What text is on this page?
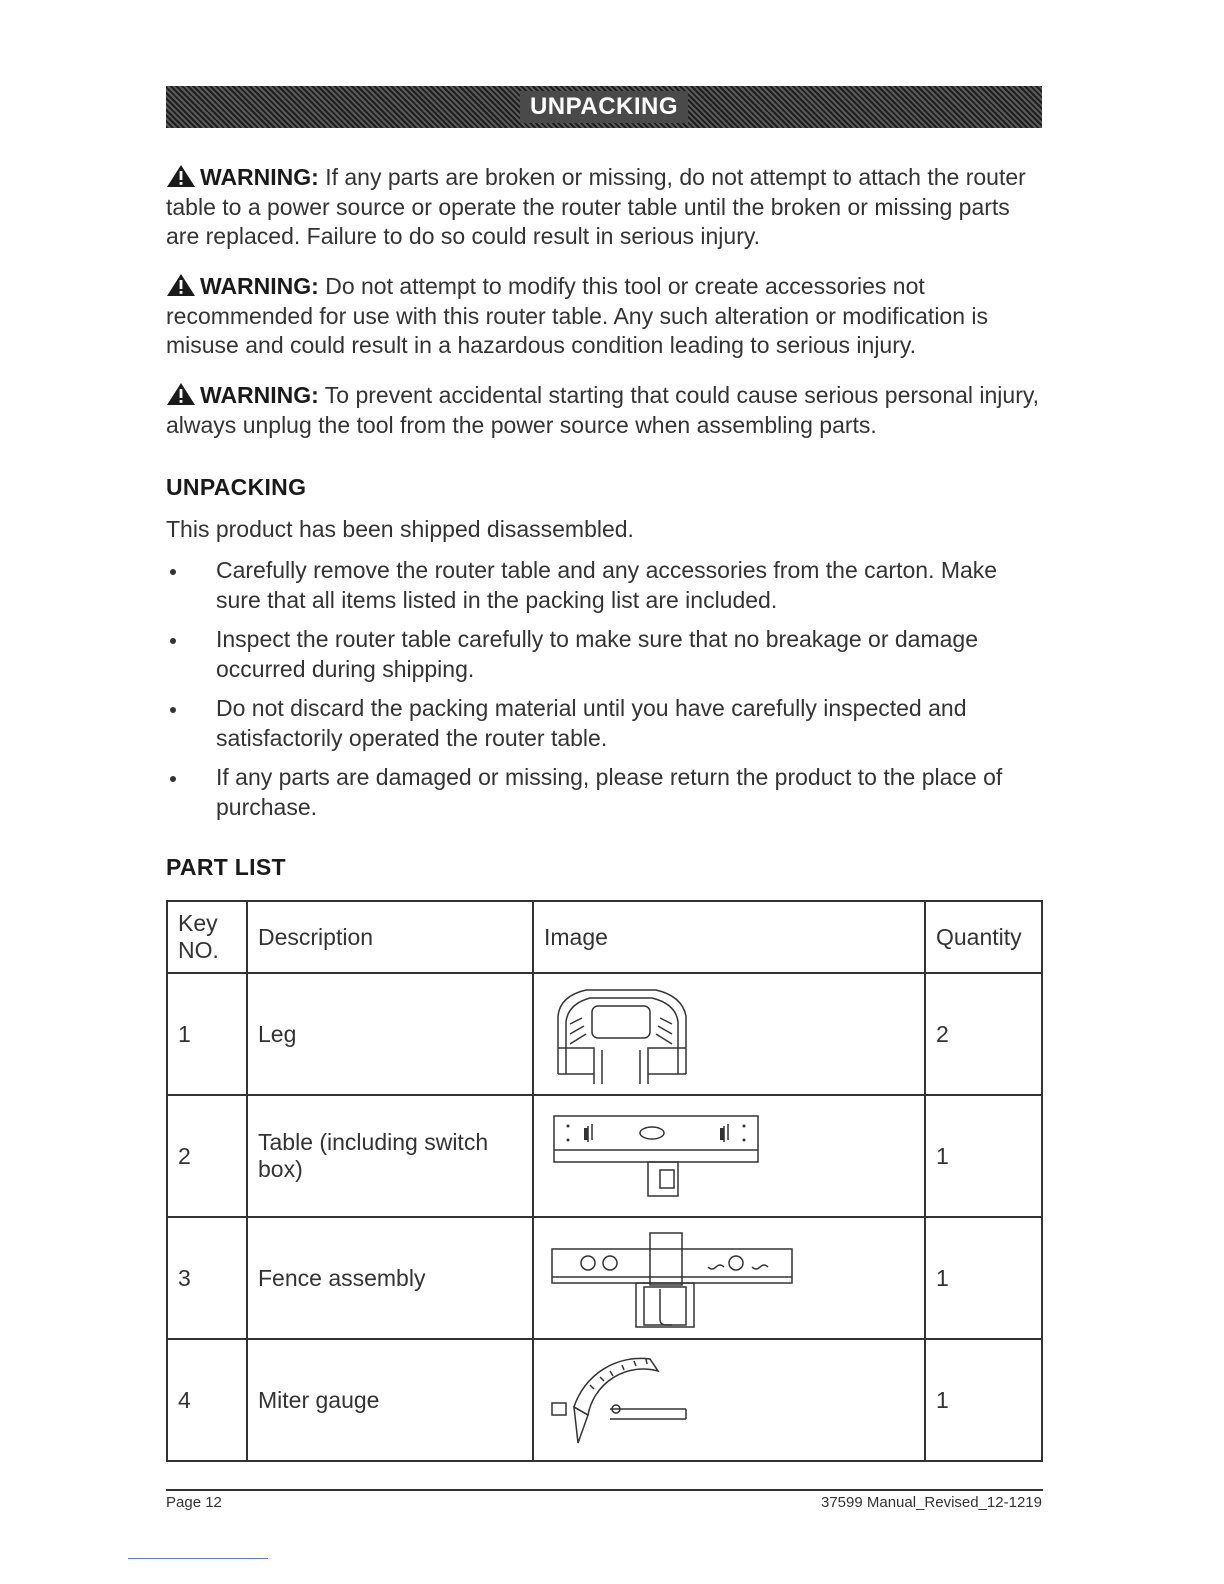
UNPACKING
WARNING: If any parts are broken or missing, do not attempt to attach the router table to a power source or operate the router table until the broken or missing parts are replaced. Failure to do so could result in serious injury.
WARNING: Do not attempt to modify this tool or create accessories not recommended for use with this router table. Any such alteration or modification is misuse and could result in a hazardous condition leading to serious injury.
WARNING: To prevent accidental starting that could cause serious personal injury, always unplug the tool from the power source when assembling parts.
UNPACKING
This product has been shipped disassembled.
Carefully remove the router table and any accessories from the carton. Make sure that all items listed in the packing list are included.
Inspect the router table carefully to make sure that no breakage or damage occurred during shipping.
Do not discard the packing material until you have carefully inspected and satisfactorily operated the router table.
If any parts are damaged or missing, please return the product to the place of purchase.
PART LIST
Key NO.	Description	Image	Quantity
1	Leg		2
2	Table (including switch box)		1
3	Fence assembly		1
4	Miter gauge		1
Page 12	37599 Manual_Revised_12-1219
